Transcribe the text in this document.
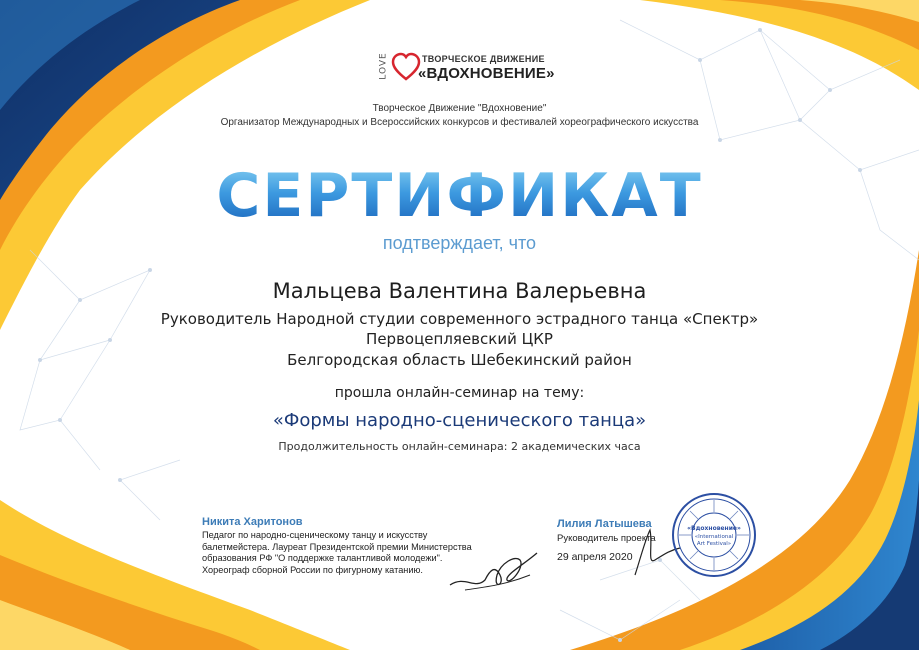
LOVE	ТВОРЧЕСКОЕ ДВИЖЕНИЕ
«ВДОХНОВЕНИЕ»
Творческое Движение "Вдохновение"
Организатор Международных и Всероссийских конкурсов и фестивалей хореографического искусства
СЕРТИФИКАТ
подтверждает, что
Мальцева Валентина Валерьевна
Руководитель Народной студии современного эстрадного танца «Спектр»
Первоцепляевский ЦКР
Белгородская область Шебекинский район
прошла онлайн-семинар на тему:
«Формы народно-сценического танца»
Продолжительность онлайн-семинара: 2 академических часа
Никита Харитонов
Педагог по народно-сценическому танцу и искусству
балетмейстера. Лауреат Президентской премии Министерства
образования РФ "О поддержке талантливой молодежи".
Хореограф сборной России по фигурному катанию.
Лилия Латышева
Руководитель проекта
29 апреля 2020
«Вдохновение»
«International
Art Festival»
